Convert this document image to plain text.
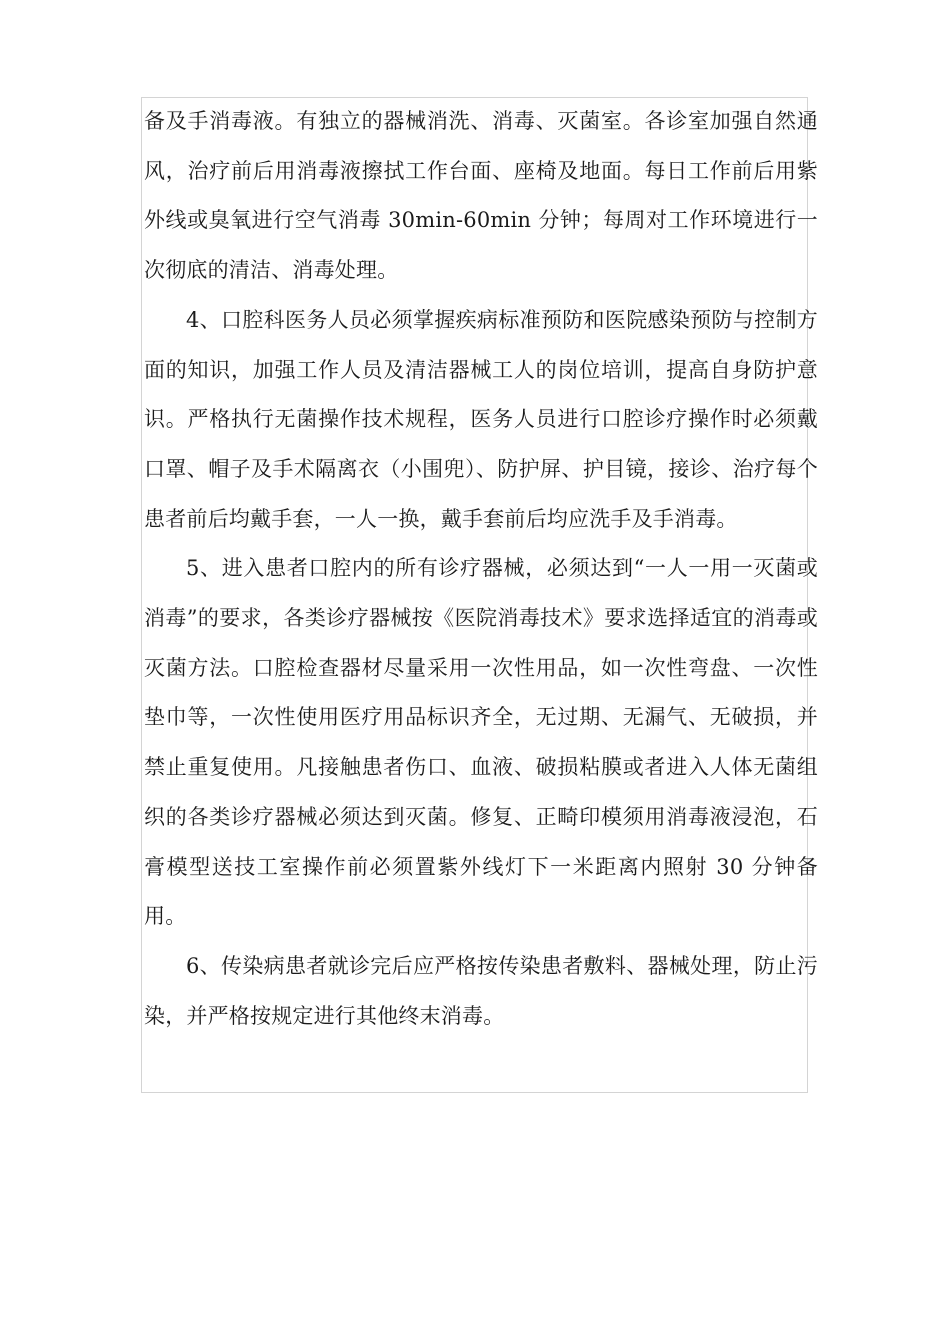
备及手消毒液。有独立的器械消洗、消毒、灭菌室。各诊室加强自然通风，治疗前后用消毒液擦拭工作台面、座椅及地面。每日工作前后用紫外线或臭氧进行空气消毒 30min-60min 分钟；每周对工作环境进行一次彻底的清洁、消毒处理。

4、口腔科医务人员必须掌握疾病标准预防和医院感染预防与控制方面的知识，加强工作人员及清洁器械工人的岗位培训，提高自身防护意识。严格执行无菌操作技术规程，医务人员进行口腔诊疗操作时必须戴口罩、帽子及手术隔离衣（小围兜）、防护屏、护目镜，接诊、治疗每个患者前后均戴手套，一人一换，戴手套前后均应洗手及手消毒。

5、进入患者口腔内的所有诊疗器械，必须达到“一人一用一灭菌或消毒”的要求，各类诊疗器械按《医院消毒技术》要求选择适宜的消毒或灭菌方法。口腔检查器材尽量采用一次性用品，如一次性弯盘、一次性垫巾等，一次性使用医疗用品标识齐全，无过期、无漏气、无破损，并禁止重复使用。凡接触患者伤口、血液、破损粘膜或者进入人体无菌组织的各类诊疗器械必须达到灭菌。修复、正畸印模须用消毒液浸泡，石膏模型送技工室操作前必须置紫外线灯下一米距离内照射 30 分钟备用。

6、传染病患者就诊完后应严格按传染患者敷料、器械处理，防止污染，并严格按规定进行其他终末消毒。
